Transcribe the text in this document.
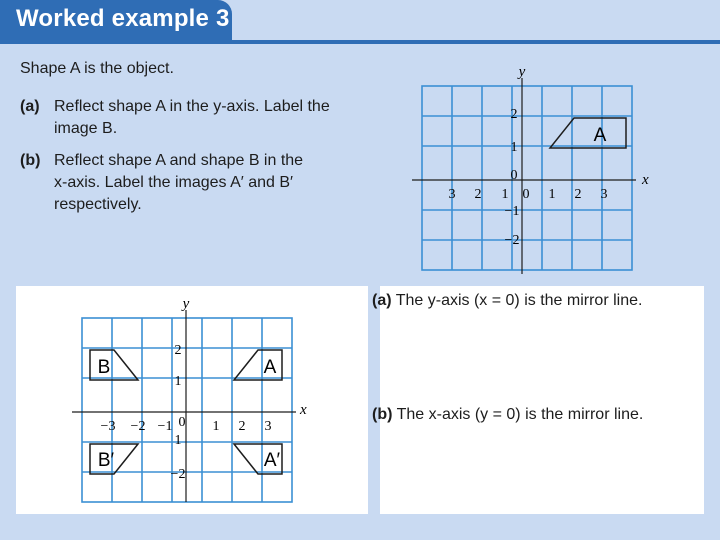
Worked example 3
Shape A is the object.
(a) Reflect shape A in the y-axis. Label the
image B.
(b) Reflect shape A and shape B in the
x-axis. Label the images A′ and B′
respectively.
y
x
3 2 1 0 1 2 3
2
1
0
−1
−2
A
y
x
−3 −2 −1 0 1 2 3
2
1
1
−2
A
B
A′
B′
(a) The y-axis (x = 0) is the mirror line.
(b) The x-axis (y = 0) is the mirror line.
